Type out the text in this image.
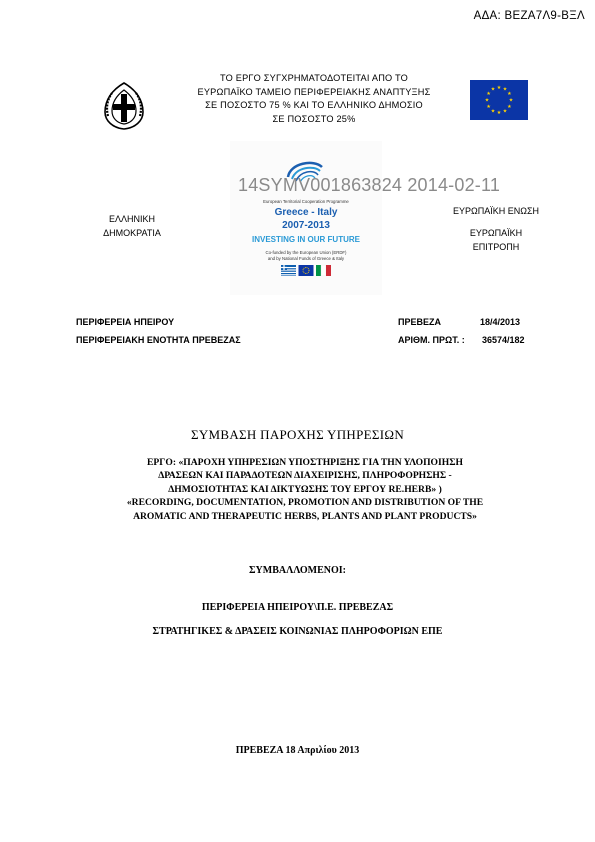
ΑΔΑ: ΒΕΖΑ7Λ9-ΒΞΛ
ΤΟ ΕΡΓΟ ΣΥΓΧΡΗΜΑΤΟΔΟΤΕΙΤΑΙ ΑΠΟ ΤΟ
ΕΥΡΩΠΑΪΚΟ ΤΑΜΕΙΟ ΠΕΡΙΦΕΡΕΙΑΚΗΣ ΑΝΑΠΤΥΞΗΣ
ΣΕ ΠΟΣΟΣΤΟ 75 % ΚΑΙ ΤΟ ΕΛΛΗΝΙΚΟ ΔΗΜΟΣΙΟ
ΣΕ ΠΟΣΟΣΤΟ 25%
★ ★
★
★
★
★
★
★
★
★
★
★
ΕΛΛΗΝΙΚΗ
ΔΗΜΟΚΡΑΤΙΑ
ΕΥΡΩΠΑΪΚΗ ΕΝΩΣΗ
ΕΥΡΩΠΑΪΚΗ
ΕΠΙΤΡΟΠΗ
European Territorial Cooperation Programme
Greece - Italy
2007-2013
INVESTING IN OUR FUTURE
Co-funded by the European Union (ERDF)
and by National Funds of Greece & Italy
14SYMV001863824 2014-02-11
ΠΕΡΙΦΕΡΕΙΑ ΗΠΕΙΡΟΥ
ΠΕΡΙΦΕΡΕΙΑΚΗ ΕΝΟΤΗΤΑ ΠΡΕΒΕΖΑΣ
ΠΡΕΒΕΖΑ	18/4/2013
ΑΡΙΘΜ. ΠΡΩΤ. : 36574/182
ΣΥΜΒΑΣΗ ΠΑΡΟΧΗΣ ΥΠΗΡΕΣΙΩΝ
ΕΡΓΟ: «ΠΑΡΟΧΗ ΥΠΗΡΕΣΙΩΝ ΥΠΟΣΤΗΡΙΞΗΣ ΓΙΑ ΤΗΝ ΥΛΟΠΟΙΗΣΗ
ΔΡΑΣΕΩΝ ΚΑΙ ΠΑΡΑΔΟΤΕΩΝ ΔΙΑΧΕΙΡΙΣΗΣ, ΠΛΗΡΟΦΟΡΗΣΗΣ -
ΔΗΜΟΣΙΟΤΗΤΑΣ ΚΑΙ ΔΙΚΤΥΩΣΗΣ ΤΟΥ ΕΡΓΟΥ RE.HERB» )
«RECORDING, DOCUMENTATION, PROMOTION AND DISTRIBUTION OF THE
AROMATIC AND THERAPEUTIC HERBS, PLANTS AND PLANT PRODUCTS»
ΣΥΜΒΑΛΛΟΜΕΝΟΙ:
ΠΕΡΙΦΕΡΕΙΑ ΗΠΕΙΡΟΥ\Π.Ε. ΠΡΕΒΕΖΑΣ
ΣΤΡΑΤΗΓΙΚΕΣ & ΔΡΑΣΕΙΣ ΚΟΙΝΩΝΙΑΣ ΠΛΗΡΟΦΟΡΙΩΝ ΕΠΕ
ΠΡΕΒΕΖΑ 18 Απριλίου 2013
